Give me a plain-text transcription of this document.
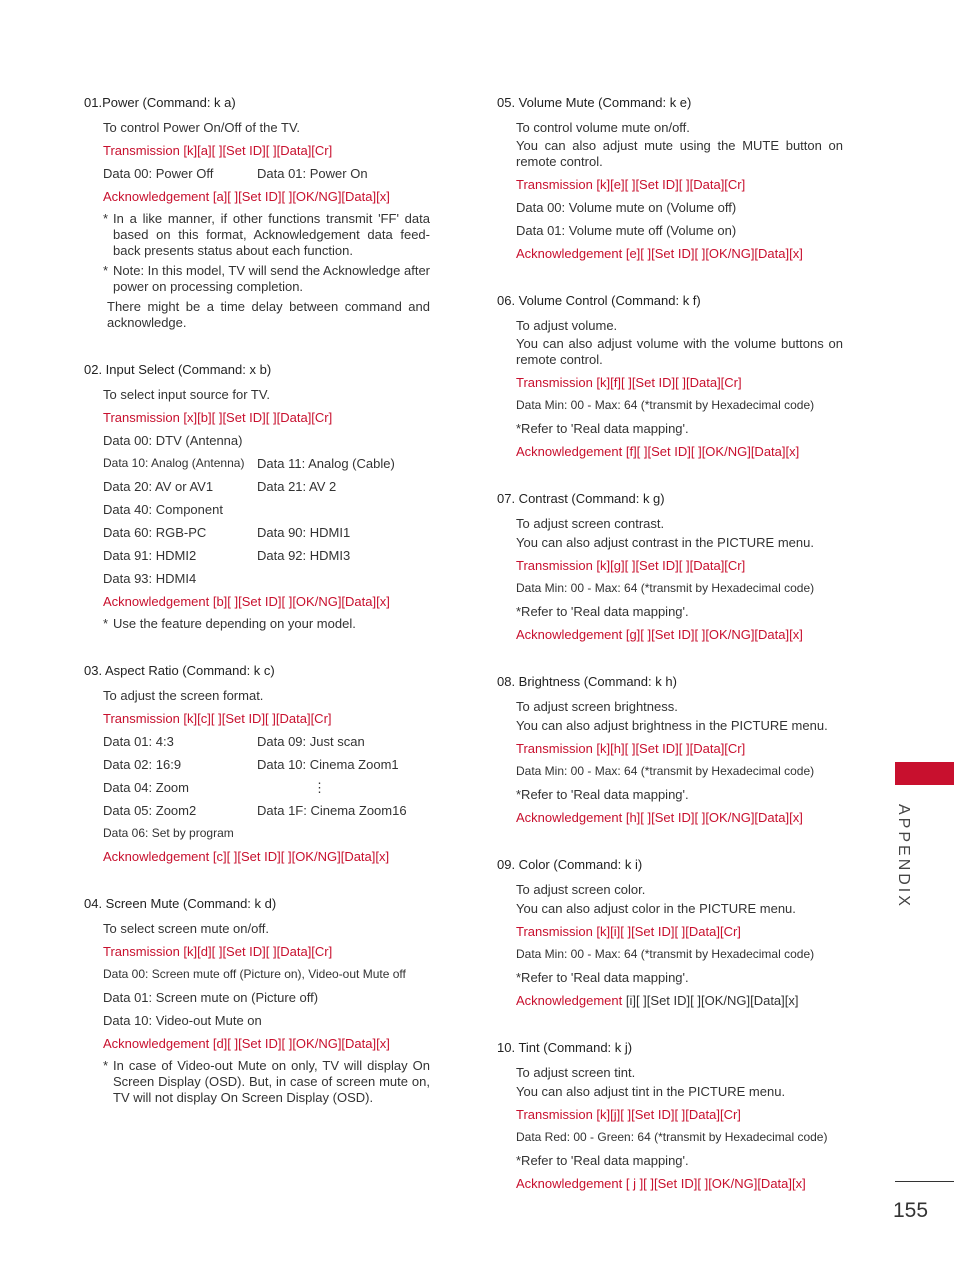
01.Power (Command: k a)
To control Power On/Off of the TV.
Transmission [k][a][ ][Set ID][ ][Data][Cr]
Data 00: Power Off	Data 01: Power On
Acknowledgement [a][ ][Set ID][ ][OK/NG][Data][x]
* In a like manner, if other functions transmit 'FF' data based on this format, Acknowledgement data feed-back presents status about each function.
* Note: In this model, TV will send the Acknowledge after power on processing completion.
There might be a time delay between command and acknowledge.
02. Input Select (Command: x b)
To select input source for TV.
Transmission [x][b][ ][Set ID][ ][Data][Cr]
Data 00: DTV (Antenna)
Data 10: Analog (Antenna) Data 11: Analog (Cable)
Data 20: AV or AV1	Data 21: AV 2
Data 40: Component
Data 60: RGB-PC	Data 90: HDMI1
Data 91: HDMI2	Data 92: HDMI3
Data 93: HDMI4
Acknowledgement [b][ ][Set ID][ ][OK/NG][Data][x]
* Use the feature depending on your model.
03. Aspect Ratio (Command: k c)
To adjust the screen format.
Transmission [k][c][ ][Set ID][ ][Data][Cr]
Data 01: 4:3	Data 09: Just scan
Data 02: 16:9	Data 10: Cinema Zoom1
Data 04: Zoom	⋮
Data 05: Zoom2	Data 1F: Cinema Zoom16
Data 06: Set by program
Acknowledgement [c][ ][Set ID][ ][OK/NG][Data][x]
04. Screen Mute (Command: k d)
To select screen mute on/off.
Transmission [k][d][ ][Set ID][ ][Data][Cr]
Data 00: Screen mute off (Picture on), Video-out Mute off
Data 01: Screen mute on (Picture off)
Data 10: Video-out Mute on
Acknowledgement [d][ ][Set ID][ ][OK/NG][Data][x]
* In case of Video-out Mute on only, TV will display On Screen Display (OSD). But, in case of screen mute on, TV will not display On Screen Display (OSD).
05. Volume Mute (Command: k e)
To control volume mute on/off.
You can also adjust mute using the MUTE button on remote control.
Transmission [k][e][ ][Set ID][ ][Data][Cr]
Data 00: Volume mute on (Volume off)
Data 01: Volume mute off (Volume on)
Acknowledgement [e][ ][Set ID][ ][OK/NG][Data][x]
06. Volume Control (Command: k f)
To adjust volume.
You can also adjust volume with the volume buttons on remote control.
Transmission [k][f][ ][Set ID][ ][Data][Cr]
Data Min: 00 - Max: 64 (*transmit by Hexadecimal code)
*Refer to 'Real data mapping'.
Acknowledgement [f][ ][Set ID][ ][OK/NG][Data][x]
07. Contrast (Command: k g)
To adjust screen contrast.
You can also adjust contrast in the PICTURE menu.
Transmission [k][g][ ][Set ID][ ][Data][Cr]
Data Min: 00 - Max: 64 (*transmit by Hexadecimal code)
*Refer to 'Real data mapping'.
Acknowledgement [g][ ][Set ID][ ][OK/NG][Data][x]
08. Brightness (Command: k h)
To adjust screen brightness.
You can also adjust brightness in the PICTURE menu.
Transmission [k][h][ ][Set ID][ ][Data][Cr]
Data Min: 00 - Max: 64 (*transmit by Hexadecimal code)
*Refer to 'Real data mapping'.
Acknowledgement [h][ ][Set ID][ ][OK/NG][Data][x]
09. Color (Command: k i)
To adjust screen color.
You can also adjust color in the PICTURE menu.
Transmission [k][i][ ][Set ID][ ][Data][Cr]
Data Min: 00 - Max: 64 (*transmit by Hexadecimal code)
*Refer to 'Real data mapping'.
Acknowledgement [i][ ][Set ID][ ][OK/NG][Data][x]
10. Tint (Command: k j)
To adjust screen tint.
You can also adjust tint in the PICTURE menu.
Transmission [k][j][ ][Set ID][ ][Data][Cr]
Data Red: 00 - Green: 64 (*transmit by Hexadecimal code)
*Refer to 'Real data mapping'.
Acknowledgement [ j ][ ][Set ID][ ][OK/NG][Data][x]
APPENDIX
155
